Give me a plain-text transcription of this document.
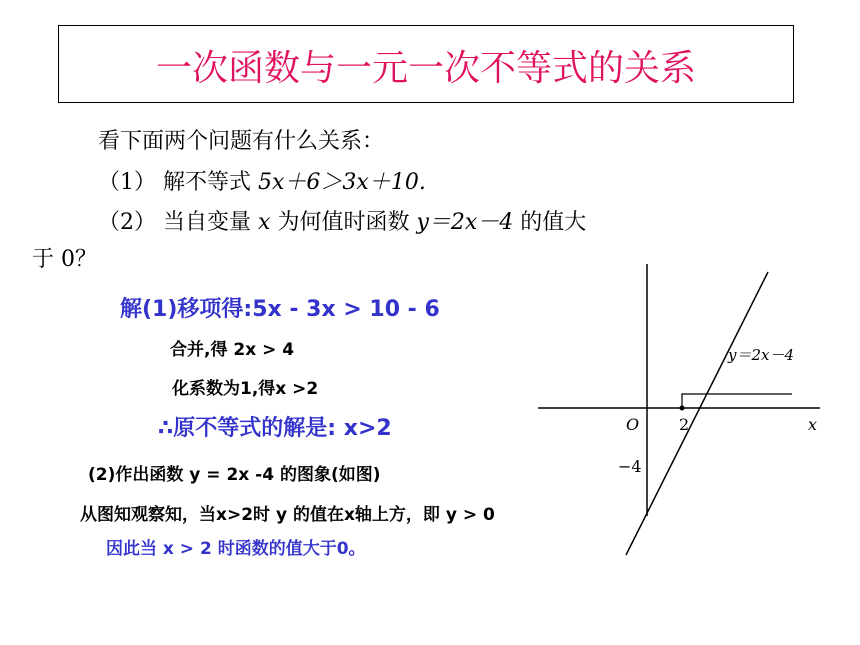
一次函数与一元一次不等式的关系
看下面两个问题有什么关系：
（1） 解不等式 5x＋6＞3x＋10.
（2） 当自变量 x 为何值时函数 y＝2x－4 的值大
于 0？
解(1)移项得:5x - 3x > 10 - 6
合并,得 2x > 4
化系数为1,得x >2
∴原不等式的解是: x>2
(2)作出函数 y = 2x -4 的图象(如图)
从图知观察知，当x>2时 y 的值在x轴上方，即 y > 0
因此当 x > 2 时函数的值大于0。
y＝2x－4
O 2	x
−4
